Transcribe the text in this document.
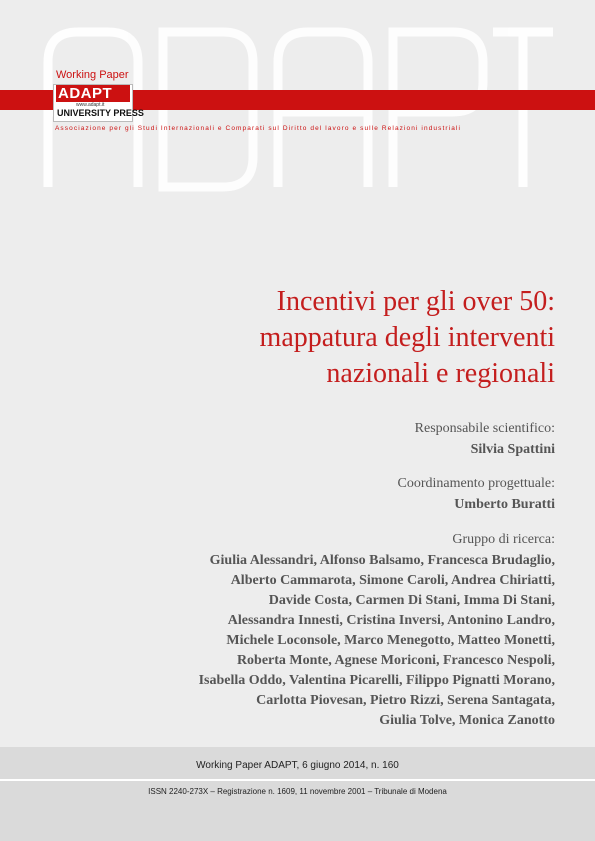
Working Paper
ADAPT
www.adapt.it
UNIVERSITY PRESS
Associazione per gli Studi Internazionali e Comparati sul Diritto del lavoro e sulle Relazioni industriali
Incentivi per gli over 50:
mappatura degli interventi
nazionali e regionali
Responsabile scientifico:
Silvia Spattini
Coordinamento progettuale:
Umberto Buratti
Gruppo di ricerca:
Giulia Alessandri, Alfonso Balsamo, Francesca Brudaglio,
Alberto Cammarota, Simone Caroli, Andrea Chiriatti,
Davide Costa, Carmen Di Stani, Imma Di Stani,
Alessandra Innesti, Cristina Inversi, Antonino Landro,
Michele Loconsole, Marco Menegotto, Matteo Monetti,
Roberta Monte, Agnese Moriconi, Francesco Nespoli,
Isabella Oddo, Valentina Picarelli, Filippo Pignatti Morano,
Carlotta Piovesan, Pietro Rizzi, Serena Santagata,
Giulia Tolve, Monica Zanotto
Working Paper ADAPT, 6 giugno 2014, n. 160
ISSN 2240-273X – Registrazione n. 1609, 11 novembre 2001 – Tribunale di Modena
